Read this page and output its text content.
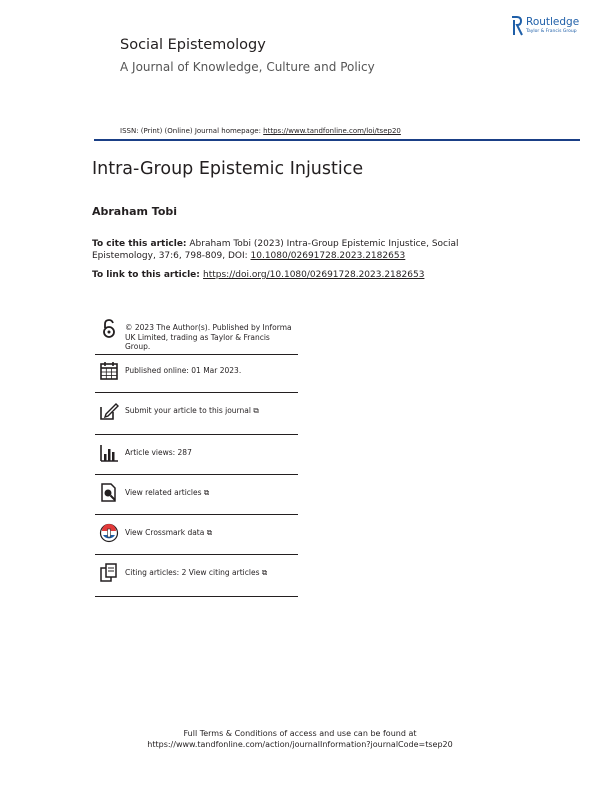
Social Epistemology
A Journal of Knowledge, Culture and Policy
Routledge
Taylor & Francis Group
ISSN: (Print) (Online) Journal homepage: https://www.tandfonline.com/loi/tsep20
Intra-Group Epistemic Injustice
Abraham Tobi
To cite this article: Abraham Tobi (2023) Intra-Group Epistemic Injustice, Social Epistemology, 37:6, 798-809, DOI: 10.1080/02691728.2023.2182653
To link to this article: https://doi.org/10.1080/02691728.2023.2182653
© 2023 The Author(s). Published by Informa UK Limited, trading as Taylor & Francis Group.
Published online: 01 Mar 2023.
Submit your article to this journal ⧉
Article views: 287
View related articles ⧉
View Crossmark data ⧉
Citing articles: 2 View citing articles ⧉
Full Terms & Conditions of access and use can be found at
https://www.tandfonline.com/action/journalInformation?journalCode=tsep20
